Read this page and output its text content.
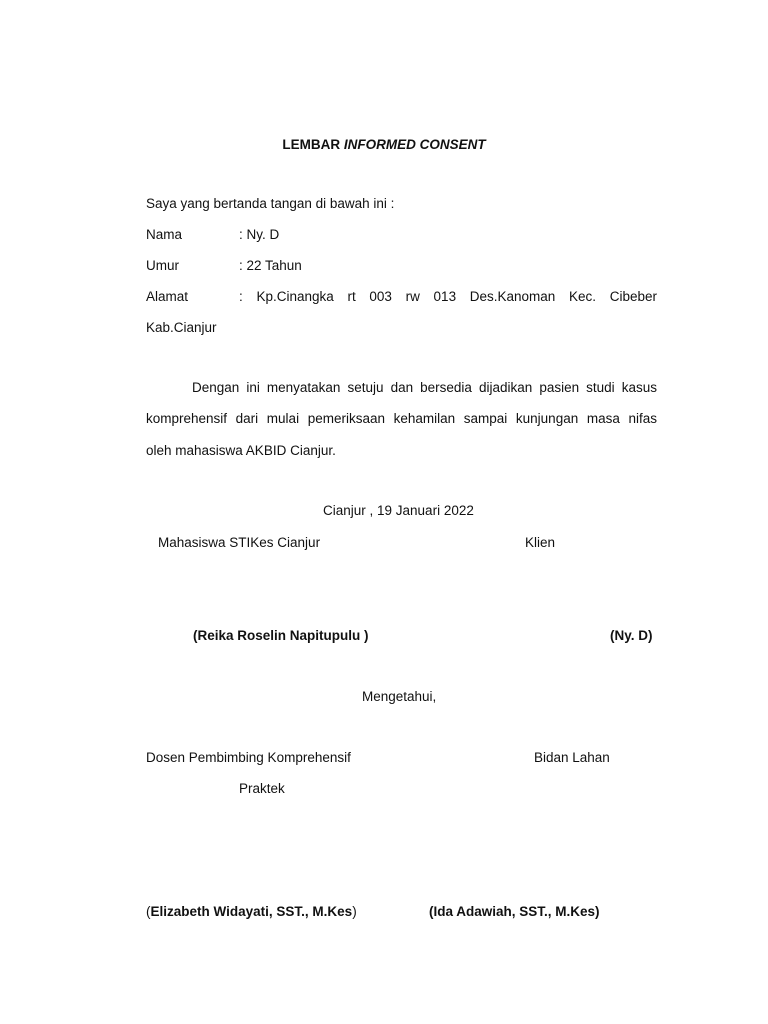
LEMBAR INFORMED CONSENT
Saya yang bertanda tangan di bawah ini :
Nama	: Ny. D
Umur	: 22 Tahun
Alamat	: Kp.Cinangka rt 003 rw 013 Des.Kanoman Kec. Cibeber
Kab.Cianjur
Dengan ini menyatakan setuju dan bersedia dijadikan pasien studi kasus
komprehensif dari mulai pemeriksaan kehamilan sampai kunjungan masa nifas
oleh mahasiswa AKBID Cianjur.
Cianjur , 19 Januari 2022
Mahasiswa STIKes Cianjur	Klien
(Reika Roselin Napitupulu )	(Ny. D)
Mengetahui,
Dosen Pembimbing Komprehensif	Bidan Lahan
Praktek
(Elizabeth Widayati, SST., M.Kes)	(Ida Adawiah, SST., M.Kes)
